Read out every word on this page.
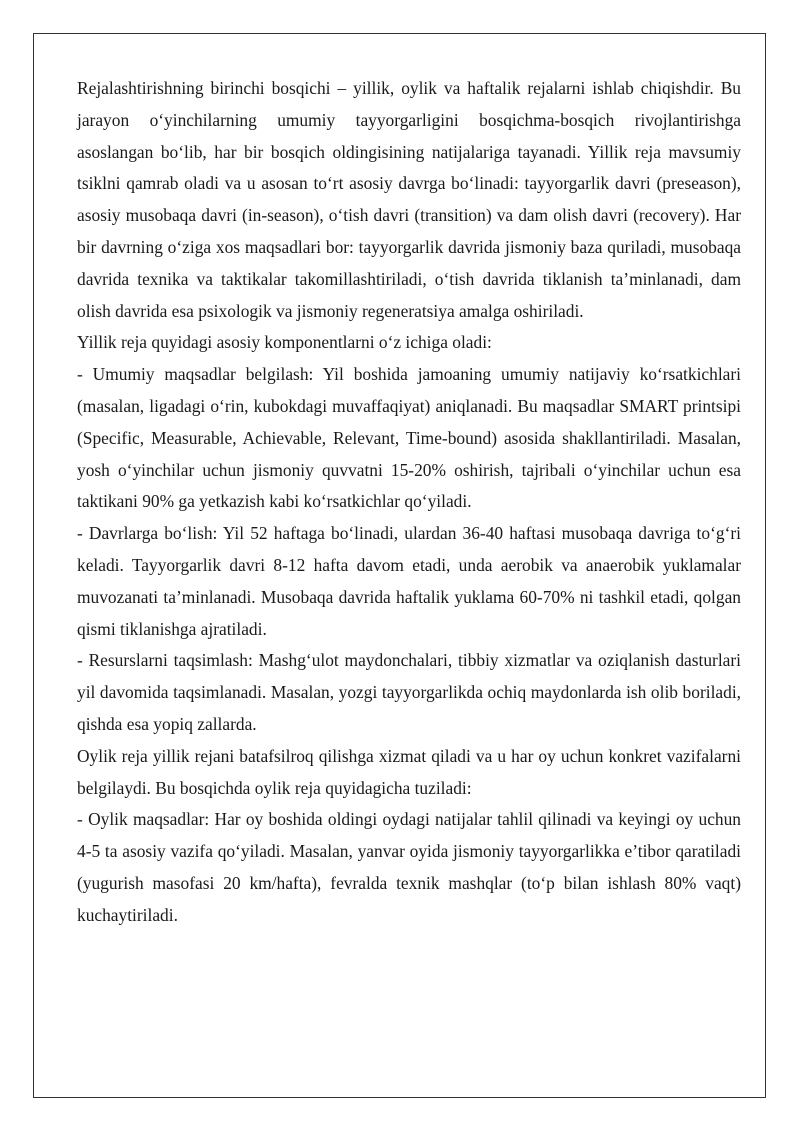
Rejalashtirishning birinchi bosqichi – yillik, oylik va haftalik rejalarni ishlab chiqishdir. Bu jarayon o‘yinchilarning umumiy tayyorgarligini bosqichma-bosqich rivojlantirishga asoslangan bo‘lib, har bir bosqich oldingisining natijalariga tayanadi. Yillik reja mavsumiy tsiklni qamrab oladi va u asosan to‘rt asosiy davrga bo‘linadi: tayyorgarlik davri (preseason), asosiy musobaqa davri (in-season), o‘tish davri (transition) va dam olish davri (recovery). Har bir davrning o‘ziga xos maqsadlari bor: tayyorgarlik davrida jismoniy baza quriladi, musobaqa davrida texnika va taktikalar takomillashtiriladi, o‘tish davrida tiklanish ta’minlanadi, dam olish davrida esa psixologik va jismoniy regeneratsiya amalga oshiriladi.

Yillik reja quyidagi asosiy komponentlarni o‘z ichiga oladi:

- Umumiy maqsadlar belgilash: Yil boshida jamoaning umumiy natijaviy ko‘rsatkichlari (masalan, ligadagi o‘rin, kubokdagi muvaffaqiyat) aniqlanadi. Bu maqsadlar SMART printsipi (Specific, Measurable, Achievable, Relevant, Time-bound) asosida shakllantiriladi. Masalan, yosh o‘yinchilar uchun jismoniy quvvatni 15-20% oshirish, tajribali o‘yinchilar uchun esa taktikani 90% ga yetkazish kabi ko‘rsatkichlar qo‘yiladi.

- Davrlarga bo‘lish: Yil 52 haftaga bo‘linadi, ulardan 36-40 haftasi musobaqa davriga to‘g‘ri keladi. Tayyorgarlik davri 8-12 hafta davom etadi, unda aerobik va anaerobik yuklamalar muvozanati ta’minlanadi. Musobaqa davrida haftalik yuklama 60-70% ni tashkil etadi, qolgan qismi tiklanishga ajratiladi.

- Resurslarni taqsimlash: Mashg‘ulot maydonchalari, tibbiy xizmatlar va oziqlanish dasturlari yil davomida taqsimlanadi. Masalan, yozgi tayyorgarlikda ochiq maydonlarda ish olib boriladi, qishda esa yopiq zallarda.

Oylik reja yillik rejani batafsilroq qilishga xizmat qiladi va u har oy uchun konkret vazifalarni belgilaydi. Bu bosqichda oylik reja quyidagicha tuziladi:

- Oylik maqsadlar: Har oy boshida oldingi oydagi natijalar tahlil qilinadi va keyingi oy uchun 4-5 ta asosiy vazifa qo‘yiladi. Masalan, yanvar oyida jismoniy tayyorgarlikka e’tibor qaratiladi (yugurish masofasi 20 km/hafta), fevralda texnik mashqlar (to‘p bilan ishlash 80% vaqt) kuchaytiriladi.
